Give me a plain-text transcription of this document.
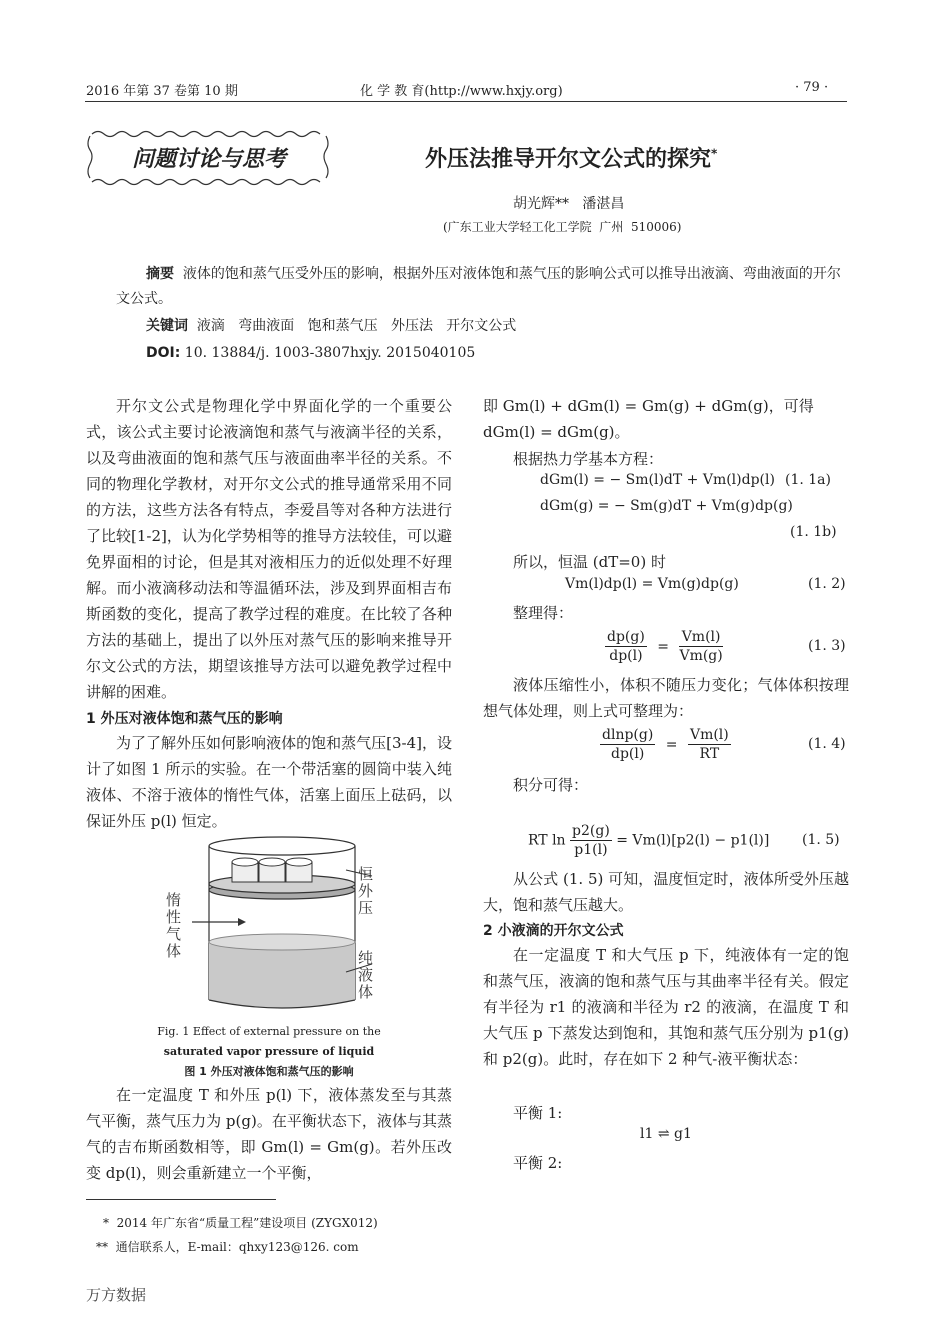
2016 年第 37 卷第 10 期	化 学 教 育(http://www.hxjy.org)	· 79 ·
问题讨论与思考	外压法推导开尔文公式的探究*
胡光辉**   潘湛昌
(广东工业大学轻工化工学院  广州  510006)
摘要 液体的饱和蒸气压受外压的影响，根据外压对液体饱和蒸气压的影响公式可以推导出液滴、弯曲液面的开尔文公式。
关键词 液滴   弯曲液面   饱和蒸气压   外压法   开尔文公式
DOI: 10. 13884/j. 1003-3807hxjy. 2015040105

开尔文公式是物理化学中界面化学的一个重要公式，该公式主要讨论液滴饱和蒸气与液滴半径的关系，以及弯曲液面的饱和蒸气压与液面曲率半径的关系。不同的物理化学教材，对开尔文公式的推导通常采用不同的方法，这些方法各有特点，李爱昌等对各种方法进行了比较[1-2]，认为化学势相等的推导方法较佳，可以避免界面相的讨论，但是其对液相压力的近似处理不好理解。而小液滴移动法和等温循环法，涉及到界面相吉布斯函数的变化，提高了教学过程的难度。在比较了各种方法的基础上，提出了以外压对蒸气压的影响来推导开尔文公式的方法，期望该推导方法可以避免教学过程中讲解的困难。

1 外压对液体饱和蒸气压的影响

为了了解外压如何影响液体的饱和蒸气压[3-4]，设计了如图 1 所示的实验。在一个带活塞的圆筒中装入纯液体、不溶于液体的惰性气体，活塞上面压上砝码，以保证外压 p(l) 恒定。

惰性气体
恒外压
纯液体
Fig. 1 Effect of external pressure on the
saturated vapor pressure of liquid
图 1 外压对液体饱和蒸气压的影响

在一定温度 T 和外压 p(l) 下，液体蒸发至与其蒸气平衡，蒸气压力为 p(g)。在平衡状态下，液体与其蒸气的吉布斯函数相等，即 Gm(l) = Gm(g)。若外压改变 dp(l)，则会重新建立一个平衡，

即 Gm(l) + dGm(l) = Gm(g) + dGm(g)，可得
dGm(l) = dGm(g)。
根据热力学基本方程：
dGm(l) = − Sm(l)dT + Vm(l)dp(l) (1. 1a)
dGm(g) = − Sm(g)dT + Vm(g)dp(g)
(1. 1b)
所以，恒温 (dT=0) 时
Vm(l)dp(l) = Vm(g)dp(g)	(1. 2)
整理得：
$\frac{dp(g)}{dp(l)} = \frac{Vm(l)}{Vm(g)}$	(1. 3)

液体压缩性小，体积不随压力变化；气体体积按理想气体处理，则上式可整理为：

$\frac{dlnp(g)}{dp(l)} = \frac{Vm(l)}{RT}$	(1. 4)
积分可得：
RT $\ln \frac{p2(g)}{p1(l)} = Vm(l)[p2(l) - p1(l)]$ (1. 5)

从公式 (1. 5) 可知，温度恒定时，液体所受外压越大，饱和蒸气压越大。

2 小液滴的开尔文公式

在一定温度 T 和大气压 p 下，纯液体有一定的饱和蒸气压，液滴的饱和蒸气压与其曲率半径有关。假定有半径为 r1 的液滴和半径为 r2 的液滴，在温度 T 和大气压 p 下蒸发达到饱和，其饱和蒸气压分别为 p1(g) 和 p2(g)。此时，存在如下 2 种气-液平衡状态：

平衡 1:
l1 ⇌ g1
平衡 2:
*  2014 年广东省“质量工程”建设项目 (ZYGX012)
**  通信联系人，E-mail：qhxy123@126. com
万方数据
